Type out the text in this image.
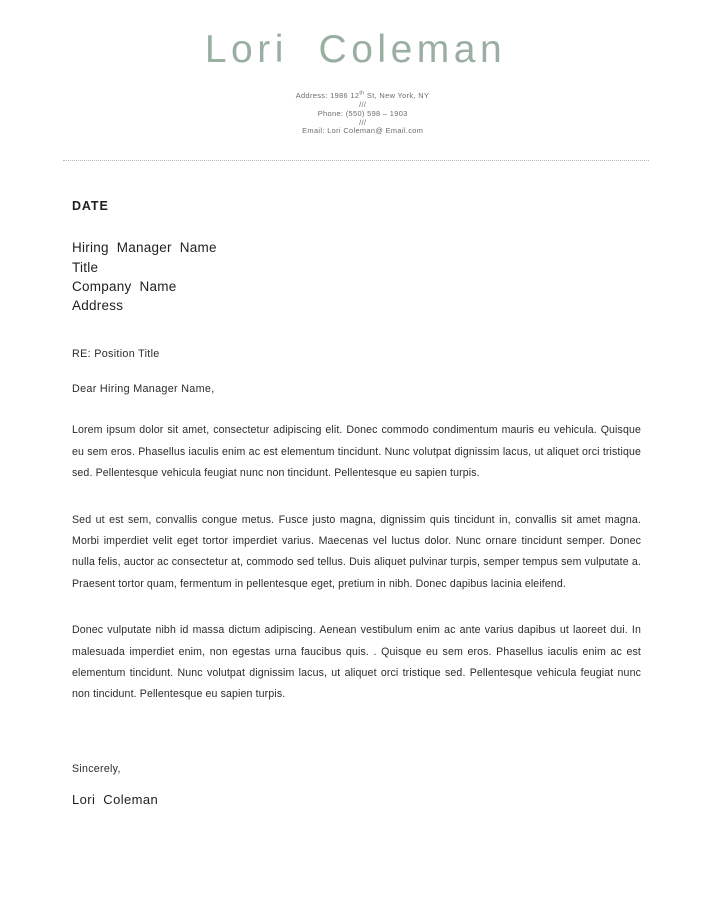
Lori  Coleman

Address: 1986 12th St, New York, NY
///
Phone: (550) 598 – 1903
///
Email: Lori Coleman@ Email.com

DATE
Hiring  Manager  Name
Title
Company  Name
Address
RE: Position Title
Dear Hiring Manager Name,

Lorem ipsum dolor sit amet, consectetur adipiscing elit. Donec commodo condimentum mauris eu vehicula. Quisque eu sem eros. Phasellus iaculis enim ac est elementum tincidunt. Nunc volutpat dignissim lacus, ut aliquet orci tristique sed. Pellentesque vehicula feugiat nunc non tincidunt. Pellentesque eu sapien turpis.

Sed ut est sem, convallis congue metus. Fusce justo magna, dignissim quis tincidunt in, convallis sit amet magna. Morbi imperdiet velit eget tortor imperdiet varius. Maecenas vel luctus dolor. Nunc ornare tincidunt semper. Donec nulla felis, auctor ac consectetur at, commodo sed tellus. Duis aliquet pulvinar turpis, semper tempus sem vulputate a. Praesent tortor quam, fermentum in pellentesque eget, pretium in nibh. Donec dapibus lacinia eleifend.

Donec vulputate nibh id massa dictum adipiscing. Aenean vestibulum enim ac ante varius dapibus ut laoreet dui. In malesuada imperdiet enim, non egestas urna faucibus quis. . Quisque eu sem eros. Phasellus iaculis enim ac est elementum tincidunt. Nunc volutpat dignissim lacus, ut aliquet orci tristique sed. Pellentesque vehicula feugiat nunc non tincidunt. Pellentesque eu sapien turpis.

Sincerely,
Lori  Coleman
